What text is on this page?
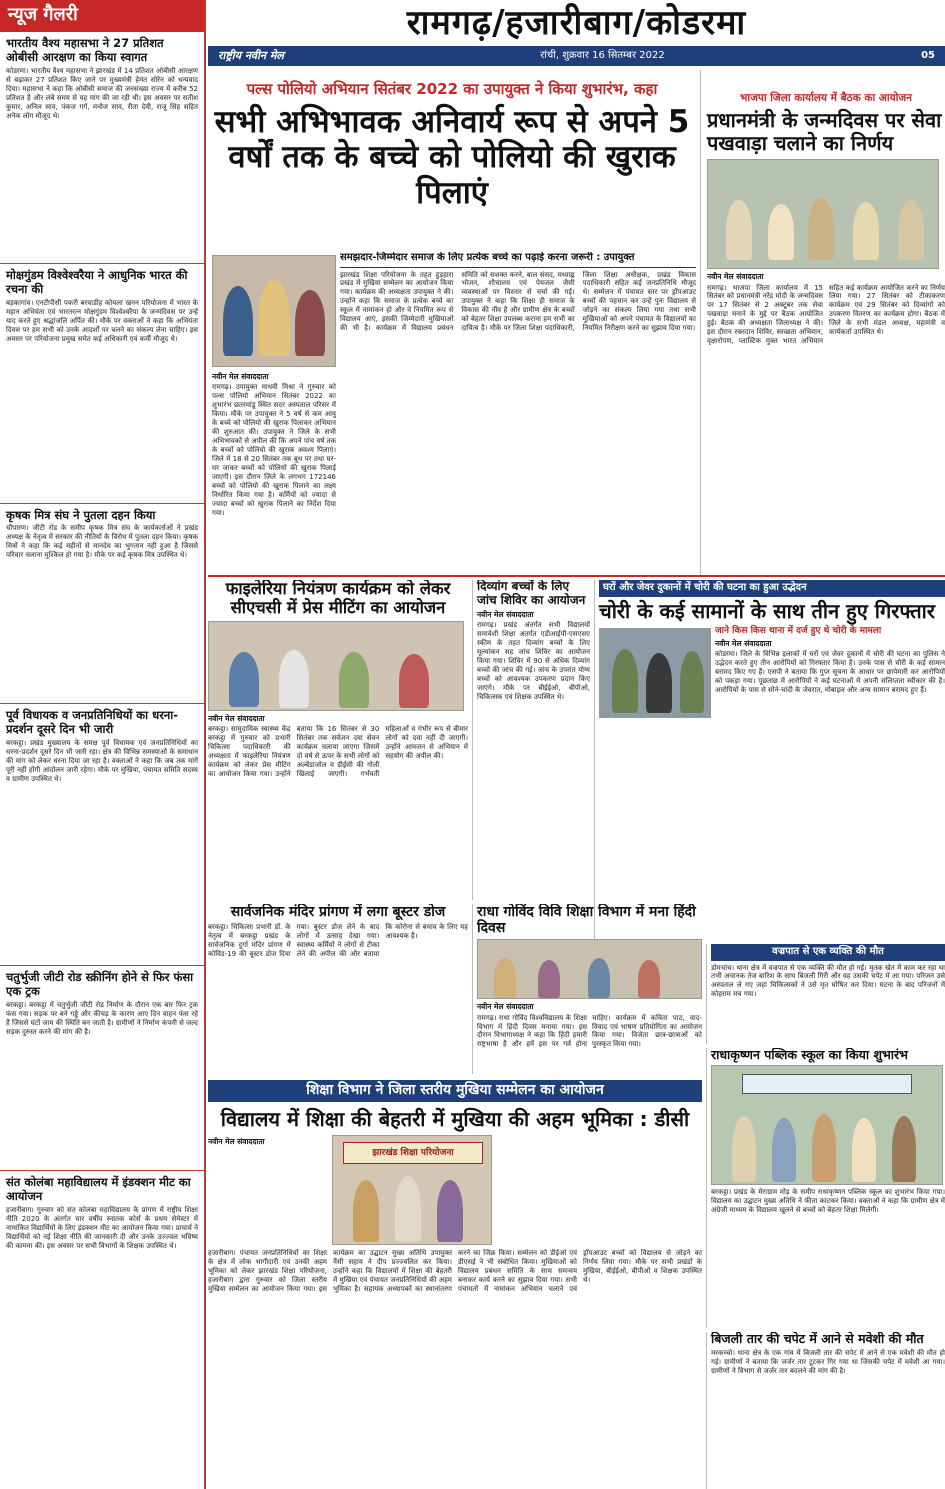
न्यूज गैलरी
भारतीय वैश्य महासभा ने 27 प्रतिशत ओबीसी आरक्षण का किया स्वागत

कोडरमा। भारतीय वैश्य महासभा ने झारखंड में 14 प्रतिशत ओबीसी आरक्षण से बढ़ाकर 27 प्रतिशत किए जाने पर मुख्यमंत्री हेमंत सोरेन को धन्यवाद दिया। महासभा ने कहा कि ओबीसी समाज की जनसंख्या राज्य में करीब 52 प्रतिशत है और लंबे समय से यह मांग की जा रही थी। इस अवसर पर सतीश कुमार, अनिल साव, पंकज गर्ग, मनोज साव, रीता देवी, राजू सिंह सहित अनेक लोग मौजूद थे।

मोक्षगुंडम विश्वेश्वरैया ने आधुनिक भारत की रचना की

बड़कागांव। एनटीपीसी पकरी बरवाडीह कोयला खनन परियोजना में भारत के महान अभियंता एवं भारतरत्न मोक्षगुंडम विश्वेश्वरैया के जन्मदिवस पर उन्हें याद करते हुए श्रद्धांजलि अर्पित की। मौके पर वक्ताओं ने कहा कि अभियंता दिवस पर हम सभी को उनके आदर्शों पर चलने का संकल्प लेना चाहिए। इस अवसर पर परियोजना प्रमुख समेत कई अधिकारी एवं कर्मी मौजूद थे।

कृषक मित्र संघ ने पुतला दहन किया

चौपारण। जीटी रोड के समीप कृषक मित्र संघ के कार्यकर्ताओं ने प्रखंड अध्यक्ष के नेतृत्व में सरकार की नीतियों के विरोध में पुतला दहन किया। कृषक मित्रों ने कहा कि कई महीनों से मानदेय का भुगतान नहीं हुआ है जिससे परिवार चलाना मुश्किल हो गया है। मौके पर कई कृषक मित्र उपस्थित थे।

पूर्व विधायक व जनप्रतिनिधियों का धरना-प्रदर्शन दूसरे दिन भी जारी

बरकट्ठा। प्रखंड मुख्यालय के समक्ष पूर्व विधायक एवं जनप्रतिनिधियों का धरना-प्रदर्शन दूसरे दिन भी जारी रहा। क्षेत्र की विभिन्न समस्याओं के समाधान की मांग को लेकर धरना दिया जा रहा है। वक्ताओं ने कहा कि जब तक मांगें पूरी नहीं होंगी आंदोलन जारी रहेगा। मौके पर मुखिया, पंचायत समिति सदस्य व ग्रामीण उपस्थित थे।

चतुर्भुजी जीटी रोड स्क्रीनिंग होने से फिर फंसा एक ट्रक

बरकट्ठा। बरकट्ठा में चतुर्भुजी जीटी रोड निर्माण के दौरान एक बार फिर ट्रक फंस गया। सड़क पर बने गड्ढे और कीचड़ के कारण आए दिन वाहन फंस रहे हैं जिससे घंटों जाम की स्थिति बन जाती है। ग्रामीणों ने निर्माण कंपनी से जल्द सड़क दुरुस्त करने की मांग की है।

संत कोलंबा महाविद्यालय में इंडक्शन मीट का आयोजन

हजारीबाग। गुरुवार को संत कोलंबा महाविद्यालय के प्रांगण में राष्ट्रीय शिक्षा नीति 2020 के अंतर्गत चार वर्षीय स्नातक कोर्स के प्रथम सेमेस्टर में नामांकित विद्यार्थियों के लिए इंडक्शन मीट का आयोजन किया गया। प्राचार्य ने विद्यार्थियों को नई शिक्षा नीति की जानकारी दी और उनके उज्ज्वल भविष्य की कामना की। इस अवसर पर सभी विभागों के शिक्षक उपस्थित थे।

रामगढ़/हजारीबाग/कोडरमा
राष्ट्रीय नवीन मेल	रांची, शुक्रवार 16 सितम्बर 2022	05
पल्स पोलियो अभियान सितंबर 2022 का उपायुक्त ने किया शुभारंभ, कहा
सभी अभिभावक अनिवार्य रूप से अपने 5 वर्षों तक के बच्चे को पोलियो की खुराक पिलाएं
नवीन मेल संवाददाता
रामगढ़। उपायुक्त माधवी मिश्रा ने गुरुवार को पल्स पोलियो अभियान सितंबर 2022 का शुभारंभ छतरमांडू स्थित सदर अस्पताल परिसर में किया। मौके पर उपायुक्त ने 5 वर्ष से कम आयु के बच्चे को पोलियो की खुराक पिलाकर अभियान की शुरुआत की। उपायुक्त ने जिले के सभी अभिभावकों से अपील की कि अपने पांच वर्ष तक के बच्चों को पोलियो की खुराक अवश्य पिलाएं। जिले में 18 से 20 सितंबर तक बूथ पर तथा घर-घर जाकर बच्चों को पोलियो की खुराक पिलाई जाएगी। इस दौरान जिले के लगभग 172146 बच्चों को पोलियो की खुराक पिलाने का लक्ष्य निर्धारित किया गया है। कर्मियों को ज्यादा से ज्यादा बच्चों को खुराक पिलाने का निर्देश दिया गया।
समझदार-जिम्मेदार समाज के लिए प्रत्येक बच्चे का पढ़ाई करना जरूरी : उपायुक्त
झारखंड शिक्षा परियोजना के तहत हुड़हारा प्रखंड में मुखिया सम्मेलन का आयोजन किया गया। कार्यक्रम की अध्यक्षता उपायुक्त ने की। उन्होंने कहा कि समाज के प्रत्येक बच्चे का स्कूल में नामांकन हो और वे नियमित रूप से विद्यालय आएं, इसकी जिम्मेदारी मुखियाओं की भी है। कार्यक्रम में विद्यालय प्रबंधन समिति को सशक्त करने, बाल संसद, मध्याह्न भोजन, शौचालय एवं पेयजल जैसी व्यवस्थाओं पर विस्तार से चर्चा की गई। उपायुक्त ने कहा कि शिक्षा ही समाज के विकास की नींव है और ग्रामीण क्षेत्र के बच्चों को बेहतर शिक्षा उपलब्ध कराना हम सभी का दायित्व है। मौके पर जिला शिक्षा पदाधिकारी, जिला शिक्षा अधीक्षक, प्रखंड विकास पदाधिकारी सहित कई जनप्रतिनिधि मौजूद थे। सम्मेलन में पंचायत स्तर पर ड्रॉपआउट बच्चों की पहचान कर उन्हें पुनः विद्यालय से जोड़ने का संकल्प लिया गया तथा सभी मुखियाओं को अपने पंचायत के विद्यालयों का नियमित निरीक्षण करने का सुझाव दिया गया।
भाजपा जिला कार्यालय में बैठक का आयोजन
प्रधानमंत्री के जन्मदिवस पर सेवा पखवाड़ा चलाने का निर्णय
नवीन मेल संवाददाता
रामगढ़। भाजपा जिला कार्यालय में 15 सितंबर को प्रधानमंत्री नरेंद्र मोदी के जन्मदिवस पर 17 सितंबर से 2 अक्टूबर तक सेवा पखवाड़ा मनाने के मुद्दे पर बैठक आयोजित हुई। बैठक की अध्यक्षता जिलाध्यक्ष ने की। इस दौरान रक्तदान शिविर, स्वच्छता अभियान, वृक्षारोपण, प्लास्टिक मुक्त भारत अभियान सहित कई कार्यक्रम आयोजित करने का निर्णय लिया गया। 27 सितंबर को टीकाकरण कार्यक्रम एवं 29 सितंबर को दिव्यांगों को उपकरण वितरण का कार्यक्रम होगा। बैठक में जिले के सभी मंडल अध्यक्ष, महामंत्री व कार्यकर्ता उपस्थित थे।
फाइलेरिया नियंत्रण कार्यक्रम को लेकर सीएचसी में प्रेस मीटिंग का आयोजन
नवीन मेल संवाददाता
बरकट्ठा। सामुदायिक स्वास्थ्य केंद्र बरकट्ठा में गुरुवार को प्रभारी चिकित्सा पदाधिकारी की अध्यक्षता में फाइलेरिया नियंत्रण कार्यक्रम को लेकर प्रेस मीटिंग का आयोजन किया गया। उन्होंने बताया कि 16 सितंबर से 30 सितंबर तक सर्वजन दवा सेवन कार्यक्रम चलाया जाएगा जिसमें दो वर्ष से ऊपर के सभी लोगों को अल्बेंडाजोल व डीईसी की गोली खिलाई जाएगी। गर्भवती महिलाओं व गंभीर रूप से बीमार लोगों को दवा नहीं दी जाएगी। उन्होंने आमजन से अभियान में सहयोग की अपील की।
दिव्यांग बच्चों के लिए जांच शिविर का आयोजन
नवीन मेल संवाददाता
रामगढ़। प्रखंड अंतर्गत सभी विद्यालयों समावेशी शिक्षा अंतर्गत एडीआईपी-एसएसए स्कीम के तहत दिव्यांग बच्चों के लिए मूल्यांकन सह जांच शिविर का आयोजन किया गया। शिविर में 90 से अधिक दिव्यांग बच्चों की जांच की गई। जांच के उपरांत योग्य बच्चों को आवश्यक उपकरण प्रदान किए जाएंगे। मौके पर बीईईओ, बीपीओ, चिकित्सक एवं शिक्षक उपस्थित थे।
घरों और जेवर दुकानों में चोरी की घटना का हुआ उद्भेदन
चोरी के कई सामानों के साथ तीन हुए गिरफ्तार
जाने किस किस थाना में दर्ज हुए थे चोरी के मामला
नवीन मेल संवाददाता
कोडरमा। जिले के विभिन्न इलाकों में घरों एवं जेवर दुकानों में चोरी की घटना का पुलिस ने उद्भेदन करते हुए तीन आरोपियों को गिरफ्तार किया है। उनके पास से चोरी के कई सामान बरामद किए गए हैं। एसपी ने बताया कि गुप्त सूचना के आधार पर छापेमारी कर आरोपियों को पकड़ा गया। पूछताछ में आरोपियों ने कई घटनाओं में अपनी संलिप्तता स्वीकार की है। आरोपियों के पास से सोने-चांदी के जेवरात, मोबाइल और अन्य सामान बरामद हुए हैं।
सार्वजनिक मंदिर प्रांगण में लगा बूस्टर डोज
बरकट्ठा। चिकित्सा प्रभारी डॉ. के नेतृत्व में बरकट्ठा प्रखंड के सार्वजनिक दुर्गा मंदिर प्रांगण में कोविड-19 की बूस्टर डोज दिया गया। बूस्टर डोज लेने के बाद लोगों में उत्साह देखा गया। स्वास्थ्य कर्मियों ने लोगों से टीका लेने की अपील की और बताया कि कोरोना से बचाव के लिए यह आवश्यक है।
राधा गोविंद विवि शिक्षा विभाग में मना हिंदी दिवस
नवीन मेल संवाददाता
रामगढ़। राधा गोविंद विश्वविद्यालय के शिक्षा विभाग में हिंदी दिवस मनाया गया। इस दौरान विभागाध्यक्ष ने कहा कि हिंदी हमारी राष्ट्रभाषा है और हमें इस पर गर्व होना चाहिए। कार्यक्रम में कविता पाठ, वाद-विवाद एवं भाषण प्रतियोगिता का आयोजन किया गया। विजेता छात्र-छात्राओं को पुरस्कृत किया गया।
वज्रपात से एक व्यक्ति की मौत
डोमचांच। थाना क्षेत्र में वज्रपात से एक व्यक्ति की मौत हो गई। मृतक खेत में काम कर रहा था तभी अचानक तेज बारिश के साथ बिजली गिरी और वह उसकी चपेट में आ गया। परिजन उसे अस्पताल ले गए जहां चिकित्सकों ने उसे मृत घोषित कर दिया। घटना के बाद परिजनों में कोहराम मच गया।
राधाकृष्णन पब्लिक स्कूल का किया शुभारंभ
बरकट्ठा। प्रखंड के मेराग्राम मोड़ के समीप राधाकृष्णन पब्लिक स्कूल का शुभारंभ किया गया। विद्यालय का उद्घाटन मुख्य अतिथि ने फीता काटकर किया। वक्ताओं ने कहा कि ग्रामीण क्षेत्र में अंग्रेजी माध्यम के विद्यालय खुलने से बच्चों को बेहतर शिक्षा मिलेगी।
बिजली तार की चपेट में आने से मवेशी की मौत
मरकच्चो। थाना क्षेत्र के एक गांव में बिजली तार की चपेट में आने से एक मवेशी की मौत हो गई। ग्रामीणों ने बताया कि जर्जर तार टूटकर गिर गया था जिसकी चपेट में मवेशी आ गया। ग्रामीणों ने विभाग से जर्जर तार बदलने की मांग की है।
शिक्षा विभाग ने जिला स्तरीय मुखिया सम्मेलन का आयोजन
विद्यालय में शिक्षा की बेहतरी में मुखिया की अहम भूमिका : डीसी
नवीन मेल संवाददाता
झारखंड शिक्षा परियोजना
हजारीबाग। पंचायत जनप्रतिनिधियों का शिक्षा के क्षेत्र में लोक भागीदारी एवं उनकी अहम भूमिका को लेकर झारखंड शिक्षा परियोजना, हजारीबाग द्वारा गुरुवार को जिला स्तरीय मुखिया सम्मेलन का आयोजन किया गया। इस कार्यक्रम का उद्घाटन मुख्य अतिथि उपायुक्त नैंसी सहाय ने दीप प्रज्ज्वलित कर किया। उन्होंने कहा कि विद्यालयों में शिक्षा की बेहतरी में मुखिया एवं पंचायत जनप्रतिनिधियों की अहम भूमिका है। सहायक अध्यापकों का स्थानांतरण करने का जिक्र किया। सम्मेलन को डीईओ एवं डीएसई ने भी संबोधित किया। मुखियाओं को विद्यालय प्रबंधन समिति के साथ समन्वय बनाकर कार्य करने का सुझाव दिया गया। सभी पंचायतों में नामांकन अभियान चलाने एवं ड्रॉपआउट बच्चों को विद्यालय से जोड़ने का निर्णय लिया गया। मौके पर सभी प्रखंडों के मुखिया, बीईईओ, बीपीओ व शिक्षक उपस्थित थे।
